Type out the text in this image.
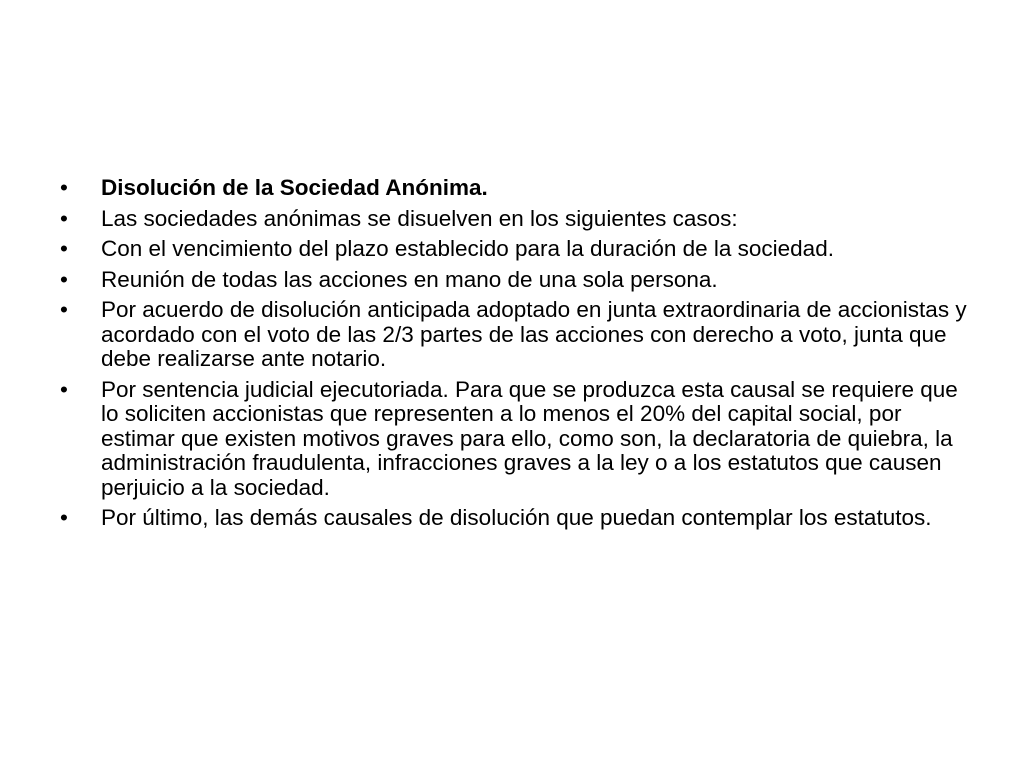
•	Disolución de la Sociedad Anónima.
•	Las sociedades anónimas se disuelven en los siguientes casos:
•	Con el vencimiento del plazo establecido para la duración de la sociedad.
•	Reunión de todas las acciones en mano de una sola persona.
•	Por acuerdo de disolución anticipada adoptado en junta extraordinaria de accionistas y acordado con el voto de las 2/3 partes de las acciones con derecho a voto, junta que debe realizarse ante notario.
•	Por sentencia judicial ejecutoriada. Para que se produzca esta causal se requiere que lo soliciten accionistas que representen a lo menos el 20% del capital social, por estimar que existen motivos graves para ello, como son, la declaratoria de quiebra, la administración fraudulenta, infracciones graves a la ley o a los estatutos que causen perjuicio a la sociedad.
•	Por último, las demás causales de disolución que puedan contemplar los estatutos.
